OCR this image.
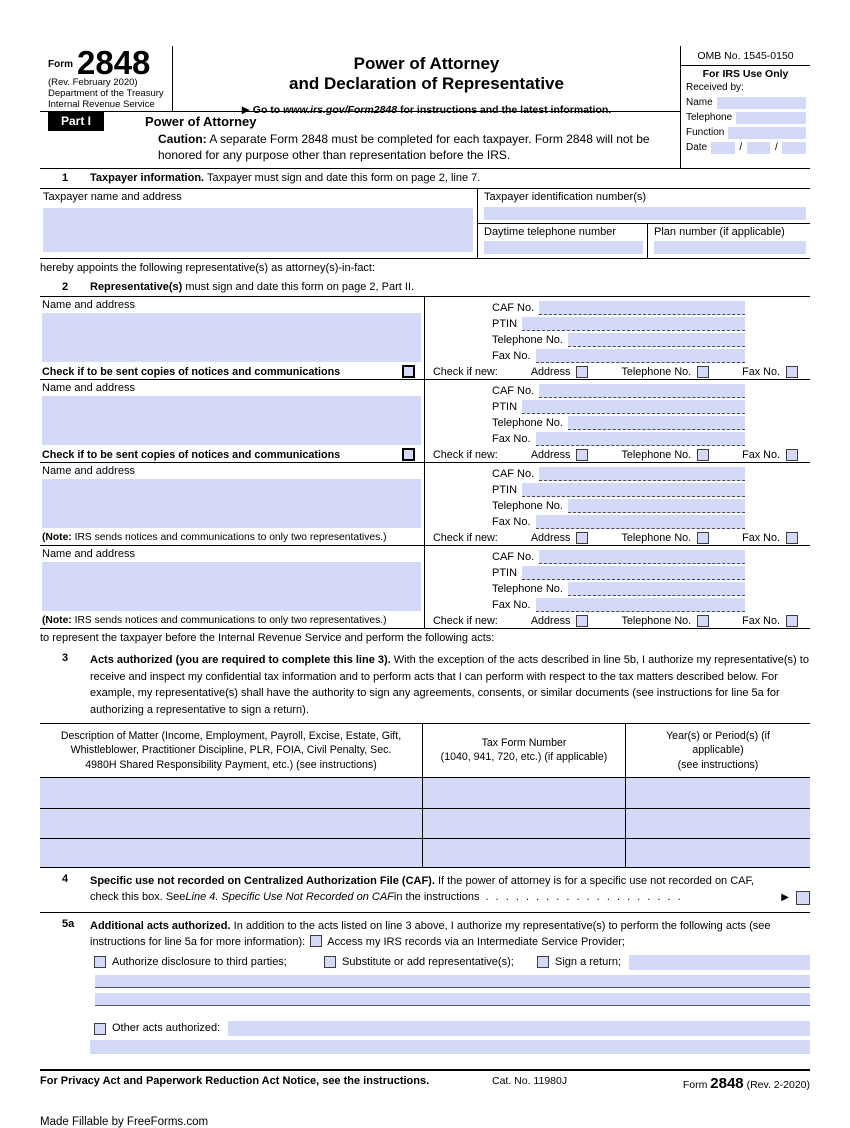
Form 2848
(Rev. February 2020)
Department of the Treasury
Internal Revenue Service
Power of Attorney
and Declaration of Representative
▶ Go to www.irs.gov/Form2848 for instructions and the latest information.
OMB No. 1545-0150
For IRS Use Only
Received by:
Name
Telephone
Function
Date	/	/
Part I	Power of Attorney
Caution: A separate Form 2848 must be completed for each taxpayer. Form 2848 will not be honored for any purpose other than representation before the IRS.
1	Taxpayer information. Taxpayer must sign and date this form on page 2, line 7.
Taxpayer name and address	Taxpayer identification number(s)
Daytime telephone number	Plan number (if applicable)
hereby appoints the following representative(s) as attorney(s)-in-fact:
2	Representative(s) must sign and date this form on page 2, Part II.
Name and address
Check if to be sent copies of notices and communications
CAF No.
PTIN
Telephone No.
Fax No.
Check if new:	Address	Telephone No.	Fax No.
Name and address
Check if to be sent copies of notices and communications
CAF No.
PTIN
Telephone No.
Fax No.
Check if new:	Address	Telephone No.	Fax No.
Name and address
(Note: IRS sends notices and communications to only two representatives.)
CAF No.
PTIN
Telephone No.
Fax No.
Check if new:	Address	Telephone No.	Fax No.
Name and address
(Note: IRS sends notices and communications to only two representatives.)
CAF No.
PTIN
Telephone No.
Fax No.
Check if new:	Address	Telephone No.	Fax No.
to represent the taxpayer before the Internal Revenue Service and perform the following acts:
3	Acts authorized (you are required to complete this line 3). With the exception of the acts described in line 5b, I authorize my representative(s) to receive and inspect my confidential tax information and to perform acts that I can perform with respect to the tax matters described below. For example, my representative(s) shall have the authority to sign any agreements, consents, or similar documents (see instructions for line 5a for authorizing a representative to sign a return).
Description of Matter (Income, Employment, Payroll, Excise, Estate, Gift, Whistleblower, Practitioner Discipline, PLR, FOIA, Civil Penalty, Sec. 4980H Shared Responsibility Payment, etc.) (see instructions)
Tax Form Number
(1040, 941, 720, etc.) (if applicable)
Year(s) or Period(s) (if applicable)
(see instructions)
4	Specific use not recorded on Centralized Authorization File (CAF). If the power of attorney is for a specific use not recorded on CAF,
check this box. See Line 4. Specific Use Not Recorded on CAF in the instructions . . . . . . . . . . . . . . . . . . . .	▶
5a	Additional acts authorized. In addition to the acts listed on line 3 above, I authorize my representative(s) to perform the following acts (see instructions for line 5a for more information): Access my IRS records via an Intermediate Service Provider;
Authorize disclosure to third parties;	Substitute or add representative(s);	Sign a return;
Other acts authorized:
For Privacy Act and Paperwork Reduction Act Notice, see the instructions.	Cat. No. 11980J	Form 2848 (Rev. 2-2020)
Made Fillable by FreeForms.com
